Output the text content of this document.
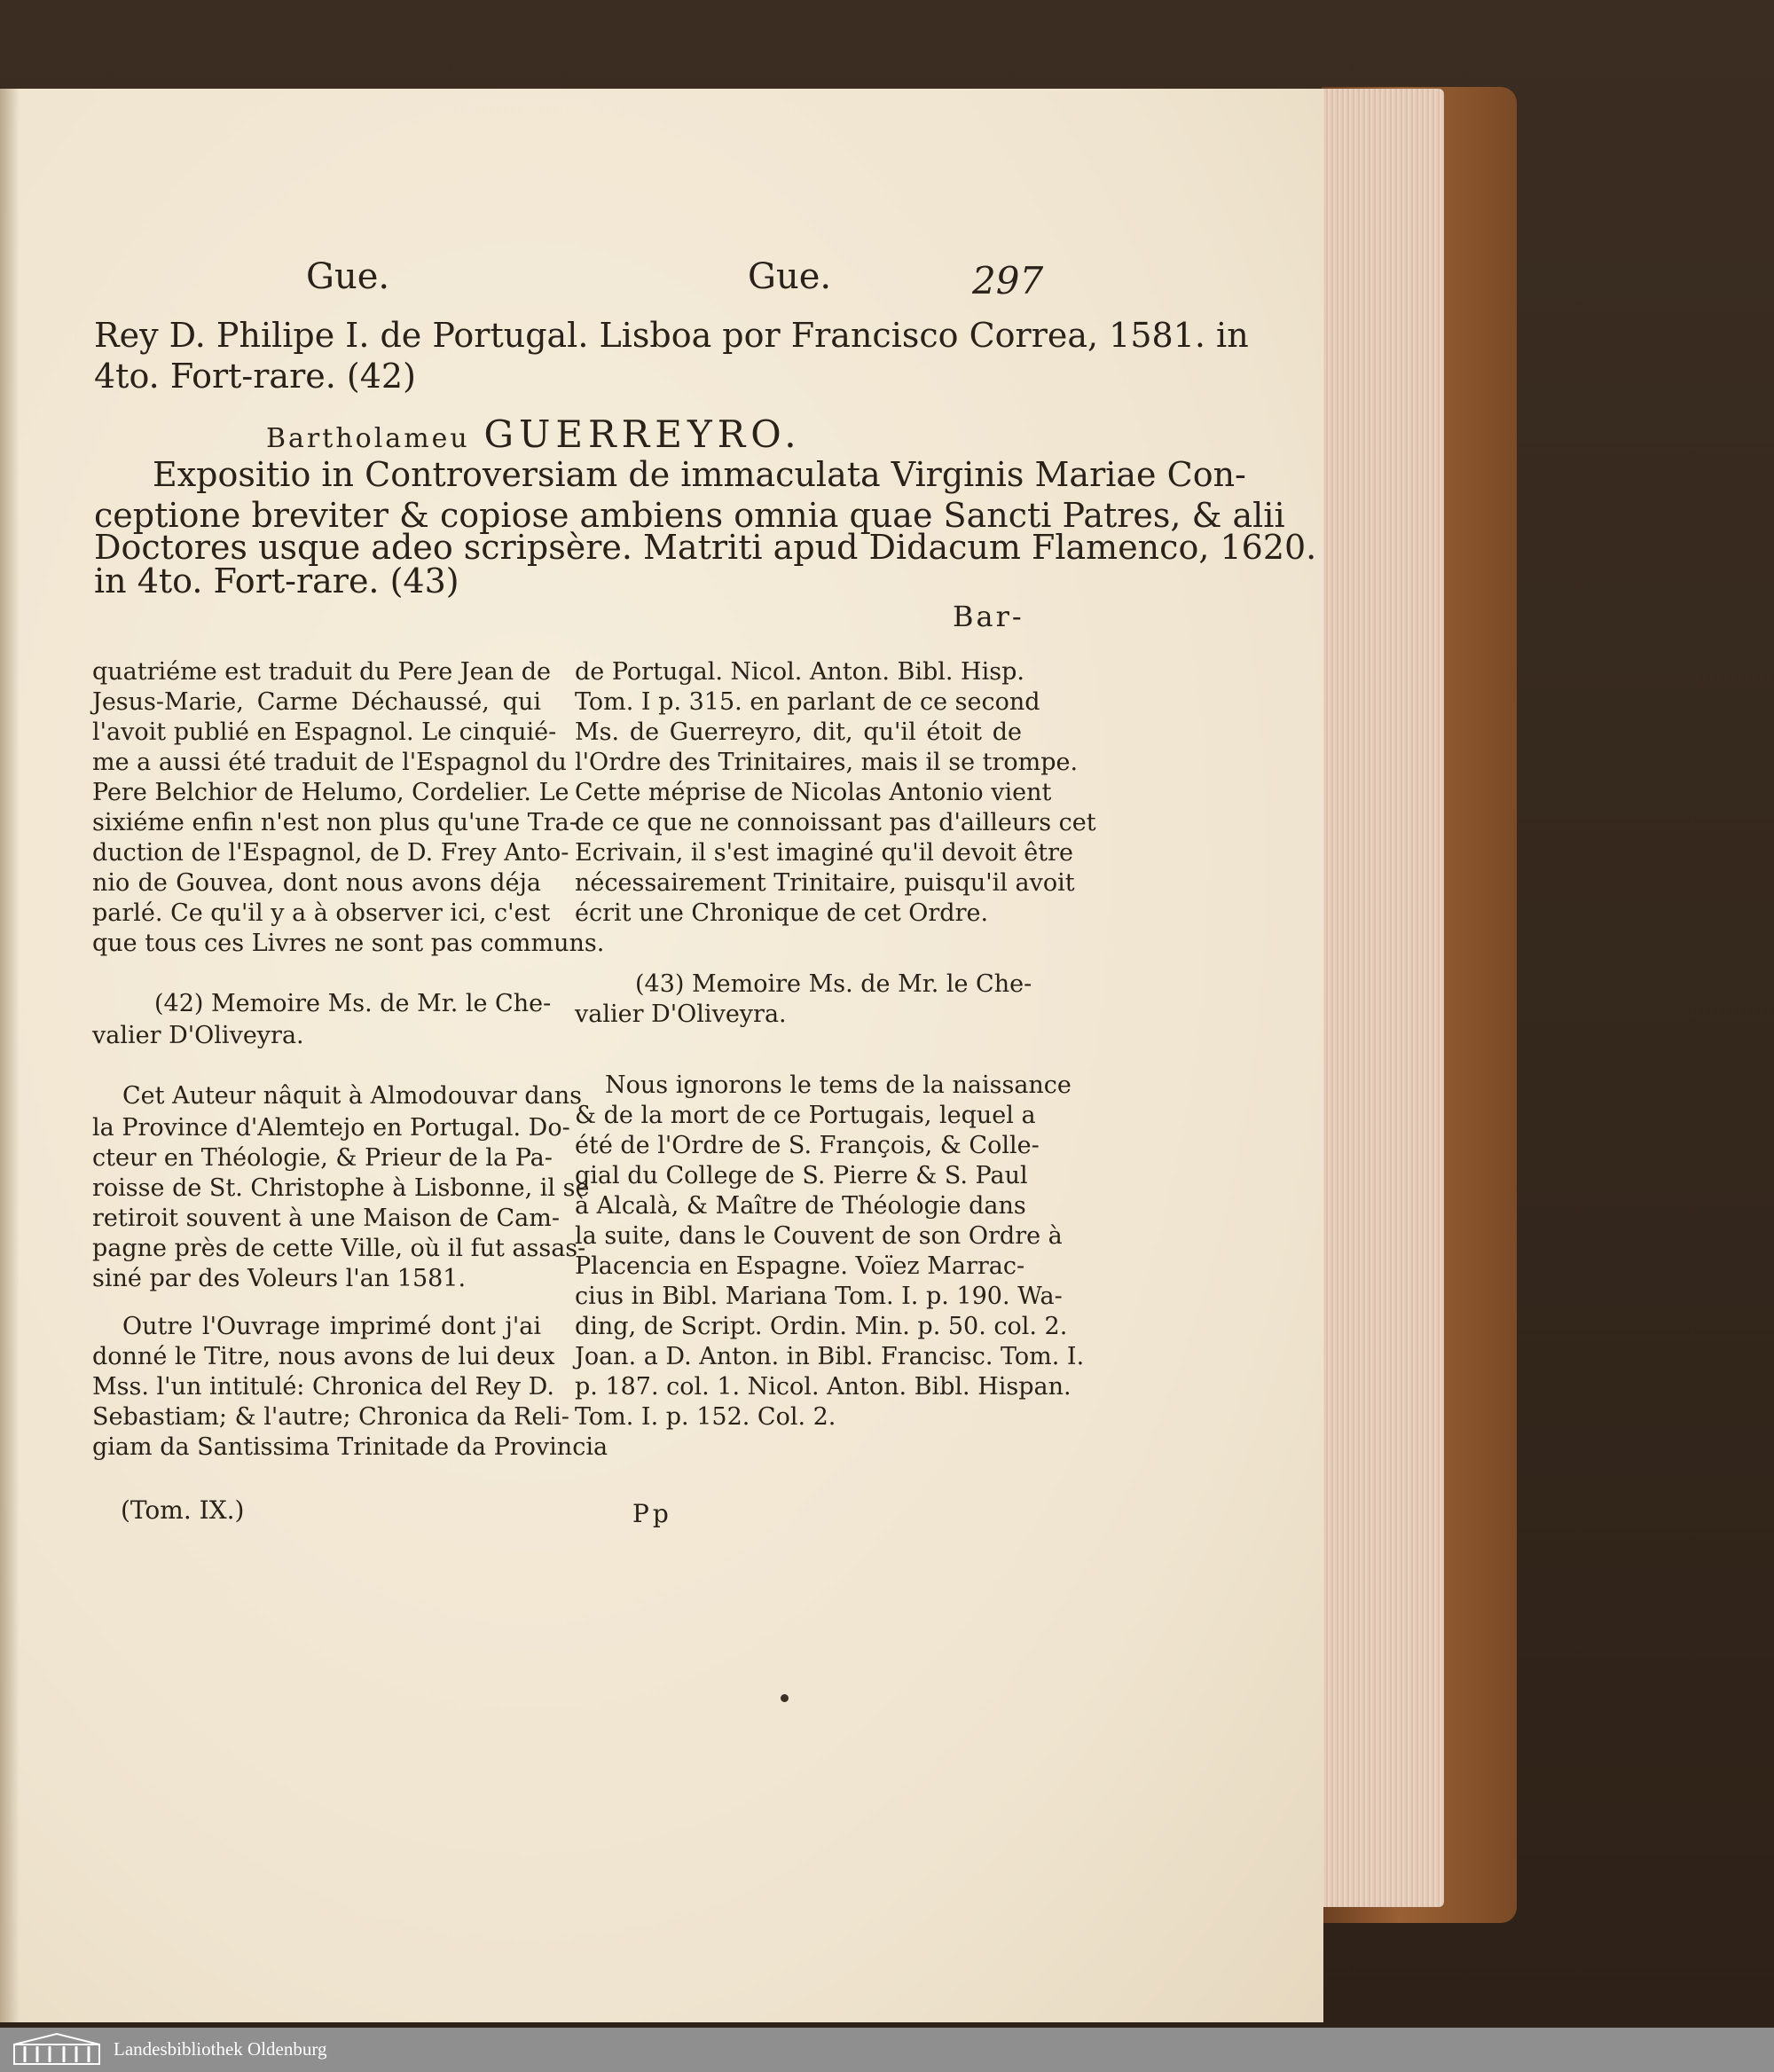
Gue.	Gue.	297
Rey D. Philipe I. de Portugal. Lisboa por Francisco Correa, 1581. in
4to. Fort-rare. (42)
Bartholameu GUERREYRO.
Expositio in Controversiam de immaculata Virginis Mariae Con-
ceptione breviter & copiose ambiens omnia quae Sancti Patres, & alii
Doctores usque adeo scripsère. Matriti apud Didacum Flamenco, 1620.
in 4to. Fort-rare. (43)
Bar-
quatriéme est traduit du Pere Jean de
Jesus-Marie, Carme Déchaussé, qui
l'avoit publié en Espagnol. Le cinquié-
me a aussi été traduit de l'Espagnol du
Pere Belchior de Helumo, Cordelier. Le
sixiéme enfin n'est non plus qu'une Tra-
duction de l'Espagnol, de D. Frey Anto-
nio de Gouvea, dont nous avons déja
parlé. Ce qu'il y a à observer ici, c'est
que tous ces Livres ne sont pas communs.
(42) Memoire Ms. de Mr. le Che-
valier D'Oliveyra.
Cet Auteur nâquit à Almodouvar dans
la Province d'Alemtejo en Portugal. Do-
cteur en Théologie, & Prieur de la Pa-
roisse de St. Christophe à Lisbonne, il se
retiroit souvent à une Maison de Cam-
pagne près de cette Ville, où il fut assas-
siné par des Voleurs l'an 1581.
Outre l'Ouvrage imprimé dont j'ai
donné le Titre, nous avons de lui deux
Mss. l'un intitulé: Chronica del Rey D.
Sebastiam; & l'autre; Chronica da Reli-
giam da Santissima Trinitade da Provincia
de Portugal. Nicol. Anton. Bibl. Hisp.
Tom. I p. 315. en parlant de ce second
Ms. de Guerreyro, dit, qu'il étoit de
l'Ordre des Trinitaires, mais il se trompe.
Cette méprise de Nicolas Antonio vient
de ce que ne connoissant pas d'ailleurs cet
Ecrivain, il s'est imaginé qu'il devoit être
nécessairement Trinitaire, puisqu'il avoit
écrit une Chronique de cet Ordre.
(43) Memoire Ms. de Mr. le Che-
valier D'Oliveyra.
Nous ignorons le tems de la naissance
& de la mort de ce Portugais, lequel a
été de l'Ordre de S. François, & Colle-
gial du College de S. Pierre & S. Paul
à Alcalà, & Maître de Théologie dans
la suite, dans le Couvent de son Ordre à
Placencia en Espagne. Voïez Marrac-
cius in Bibl. Mariana Tom. I. p. 190. Wa-
ding, de Script. Ordin. Min. p. 50. col. 2.
Joan. a D. Anton. in Bibl. Francisc. Tom. I.
p. 187. col. 1. Nicol. Anton. Bibl. Hispan.
Tom. I. p. 152. Col. 2.
(Tom. IX.)	Pp
Landesbibliothek Oldenburg
